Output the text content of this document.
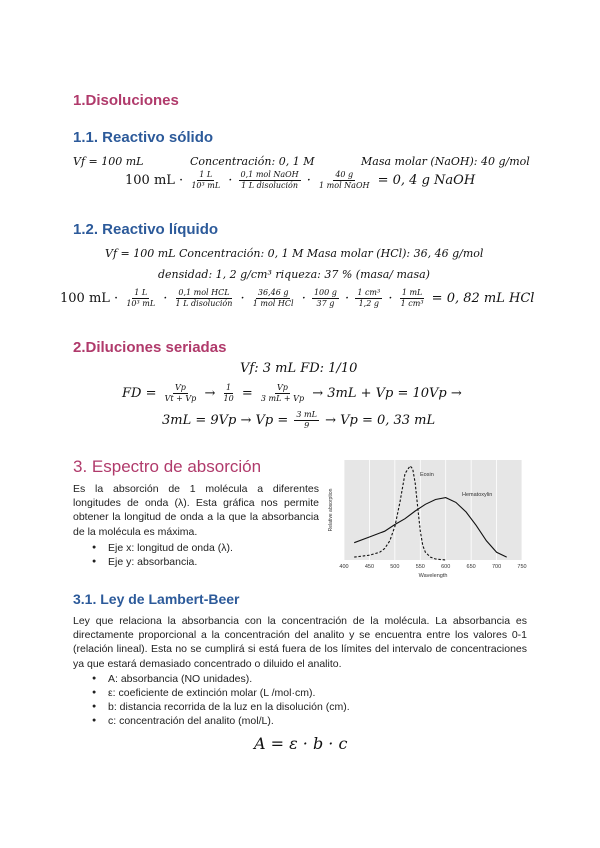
1.Disoluciones
1.1. Reactivo sólido
Vf = 100 mL	Concentración: 0, 1 M	Masa molar (NaOH): 40 g/mol
100 mL · $\frac{1 L}{\text{10³ mL}} \cdot \frac{\text{0,1 mol NaOH}}{\text{1 L disolución}} \cdot \frac{40 g}{\text{1 mol NaOH}} = 0$, 4 g NaOH
1.2. Reactivo líquido
Vf = 100 mL Concentración: 0, 1 M Masa molar (HCl): 36, 46 g/mol
densidad: 1, 2 g/cm³ riqueza: 37 % (masa/ masa)
100 mL · $\frac{1 L}{\text{10³ mL}} \cdot \frac{\text{0,1 mol HCL}}{\text{1 L disolución}} \cdot \frac{36,46 g}{\text{1 mol HCl}} \cdot \frac{100 g}{37 g} \cdot \frac{\text{1 cm³}}{1,2 g} \cdot \frac{1 mL}{\text{1 cm³}} = 0$, 82 mL HCl
2.Diluciones seriadas
Vf: 3 mL FD: 1/10
FD = $\frac{Vp}{Vt + Vp} \to \frac{1}{10} = \frac{Vp}{3 mL + Vp} \to 3mL + Vp = 10Vp$ →
$3mL = 9Vp \to Vp = \frac{3 mL}{9} \to Vp = 0$, 33 mL
3. Espectro de absorción
Es la absorción de 1 molécula a diferentes longitudes de onda (λ). Esta gráfica nos permite obtener la longitud de onda a la que la absorbancia de la molécula es máxima.
● Eje x: longitud de onda (λ).
● Eje y: absorbancia.
Relative absorption
Wavelength
400	450	500	550	600	650	700	750
Eosin
Hematoxylin
3.1. Ley de Lambert-Beer
Ley que relaciona la absorbancia con la concentración de la molécula. La absorbancia es directamente proporcional a la concentración del analito y se encuentra entre los valores 0-1 (relación lineal). Esta no se cumplirá si está fuera de los límites del intervalo de concentraciones ya que estará demasiado concentrado o diluido el analito.
● A: absorbancia (NO unidades).
● ε: coeficiente de extinción molar (L /mol·cm).
● b: distancia recorrida de la luz en la disolución (cm).
● c: concentración del analito (mol/L).
A = ε · b · c
